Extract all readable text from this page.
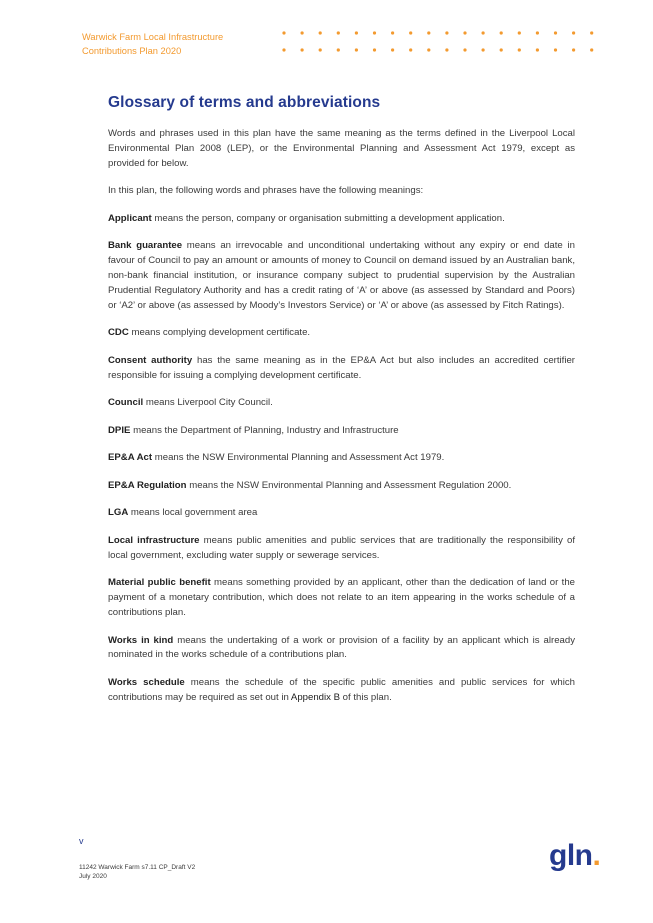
Warwick Farm Local Infrastructure
Contributions Plan 2020
Glossary of terms and abbreviations

Words and phrases used in this plan have the same meaning as the terms defined in the Liverpool Local Environmental Plan 2008 (LEP), or the Environmental Planning and Assessment Act 1979, except as provided for below.

In this plan, the following words and phrases have the following meanings:

Applicant means the person, company or organisation submitting a development application.

Bank guarantee means an irrevocable and unconditional undertaking without any expiry or end date in favour of Council to pay an amount or amounts of money to Council on demand issued by an Australian bank, non-bank financial institution, or insurance company subject to prudential supervision by the Australian Prudential Regulatory Authority and has a credit rating of ‘A’ or above (as assessed by Standard and Poors) or ‘A2’ or above (as assessed by Moody’s Investors Service) or ‘A’ or above (as assessed by Fitch Ratings).

CDC means complying development certificate.

Consent authority has the same meaning as in the EP&A Act but also includes an accredited certifier responsible for issuing a complying development certificate.

Council means Liverpool City Council.

DPIE means the Department of Planning, Industry and Infrastructure

EP&A Act means the NSW Environmental Planning and Assessment Act 1979.

EP&A Regulation means the NSW Environmental Planning and Assessment Regulation 2000.

LGA means local government area

Local infrastructure means public amenities and public services that are traditionally the responsibility of local government, excluding water supply or sewerage services.

Material public benefit means something provided by an applicant, other than the dedication of land or the payment of a monetary contribution, which does not relate to an item appearing in the works schedule of a contributions plan.

Works in kind means the undertaking of a work or provision of a facility by an applicant which is already nominated in the works schedule of a contributions plan.

Works schedule means the schedule of the specific public amenities and public services for which contributions may be required as set out in Appendix B of this plan.

v
11242 Warwick Farm s7.11 CP_Draft V2
July 2020
gln.
